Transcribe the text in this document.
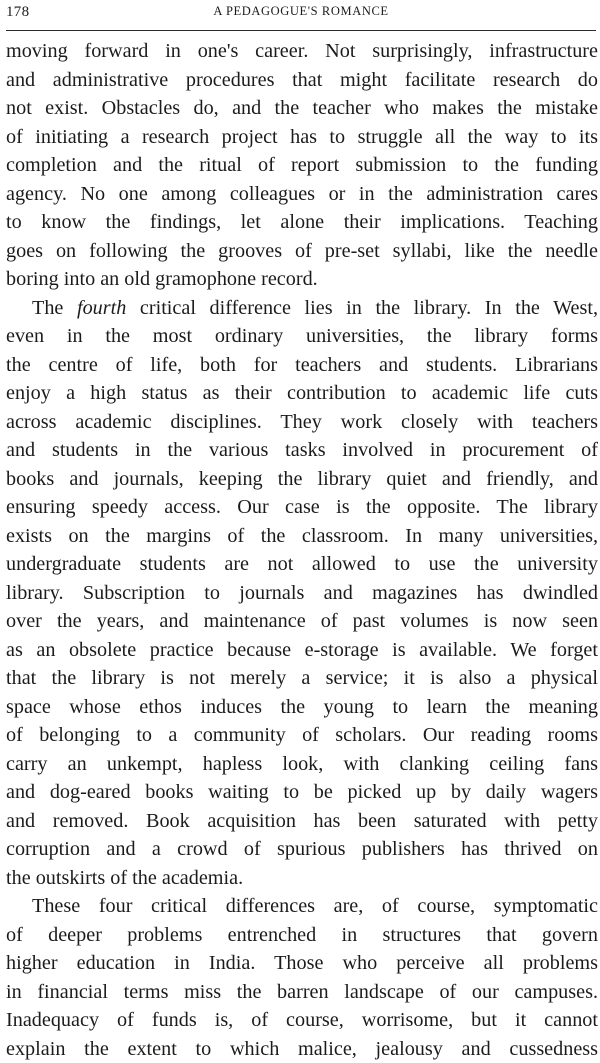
178	A PEDAGOGUE'S ROMANCE

moving forward in one's career. Not surprisingly, infrastructure
and administrative procedures that might facilitate research do
not exist. Obstacles do, and the teacher who makes the mistake
of initiating a research project has to struggle all the way to its
completion and the ritual of report submission to the funding
agency. No one among colleagues or in the administration cares
to know the findings, let alone their implications. Teaching
goes on following the grooves of pre-set syllabi, like the needle
boring into an old gramophone record.

The fourth critical difference lies in the library. In the West,
even in the most ordinary universities, the library forms
the centre of life, both for teachers and students. Librarians
enjoy a high status as their contribution to academic life cuts
across academic disciplines. They work closely with teachers
and students in the various tasks involved in procurement of
books and journals, keeping the library quiet and friendly, and
ensuring speedy access. Our case is the opposite. The library
exists on the margins of the classroom. In many universities,
undergraduate students are not allowed to use the university
library. Subscription to journals and magazines has dwindled
over the years, and maintenance of past volumes is now seen
as an obsolete practice because e-storage is available. We forget
that the library is not merely a service; it is also a physical
space whose ethos induces the young to learn the meaning
of belonging to a community of scholars. Our reading rooms
carry an unkempt, hapless look, with clanking ceiling fans
and dog-eared books waiting to be picked up by daily wagers
and removed. Book acquisition has been saturated with petty
corruption and a crowd of spurious publishers has thrived on
the outskirts of the academia.

These four critical differences are, of course, symptomatic
of deeper problems entrenched in structures that govern
higher education in India. Those who perceive all problems
in financial terms miss the barren landscape of our campuses.
Inadequacy of funds is, of course, worrisome, but it cannot
explain the extent to which malice, jealousy and cussedness
